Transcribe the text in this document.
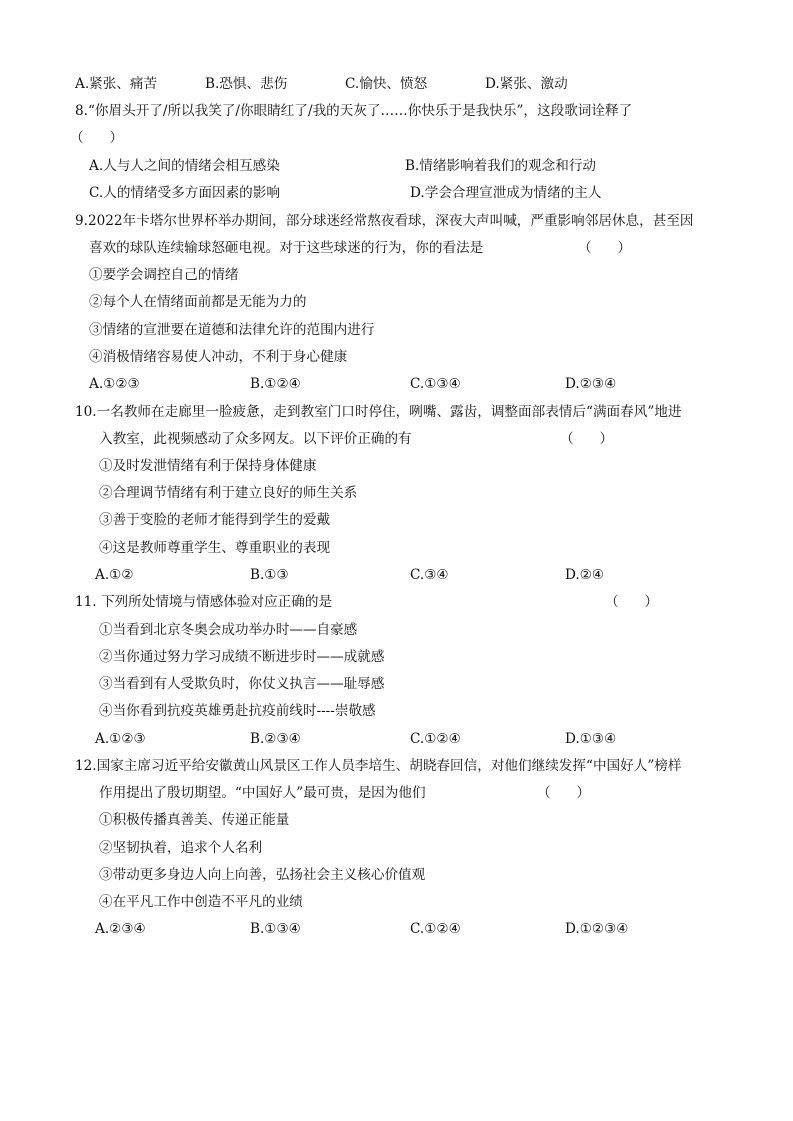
A.紧张、痛苦	B.恐惧、悲伤	C.愉快、愤怒	D.紧张、激动
8.“你眉头开了/所以我笑了/你眼睛红了/我的天灰了……你快乐于是我快乐”，这段歌词诠释了
（      ）
A.人与人之间的情绪会相互感染	B.情绪影响着我们的观念和行动
C.人的情绪受多方面因素的影响	D.学会合理宣泄成为情绪的主人
9.2022年卡塔尔世界杯举办期间，部分球迷经常熬夜看球，深夜大声叫喊，严重影响邻居休息，甚至因
喜欢的球队连续输球怒砸电视。对于这些球迷的行为，你的看法是	（      ）
①要学会调控自己的情绪
②每个人在情绪面前都是无能为力的
③情绪的宣泄要在道德和法律允许的范围内进行
④消极情绪容易使人冲动，不利于身心健康
A.①②③	B.①②④	C.①③④	D.②③④
10.一名教师在走廊里一脸疲惫，走到教室门口时停住，咧嘴、露齿，调整面部表情后“满面春风”地进
入教室，此视频感动了众多网友。以下评价正确的有	（      ）
①及时发泄情绪有利于保持身体健康
②合理调节情绪有利于建立良好的师生关系
③善于变脸的老师才能得到学生的爱戴
④这是教师尊重学生、尊重职业的表现
A.①②	B.①③	C.③④	D.②④
11. 下列所处情境与情感体验对应正确的是	（      ）
①当看到北京冬奥会成功举办时——自豪感
②当你通过努力学习成绩不断进步时——成就感
③当看到有人受欺负时，你仗义执言——耻辱感
④当你看到抗疫英雄勇赴抗疫前线时----崇敬感
A.①②③	B.②③④	C.①②④	D.①③④
12.国家主席习近平给安徽黄山风景区工作人员李培生、胡晓春回信，对他们继续发挥“中国好人”榜样
作用提出了殷切期望。“中国好人”最可贵，是因为他们	（      ）
①积极传播真善美、传递正能量
②坚韧执着，追求个人名利
③带动更多身边人向上向善，弘扬社会主义核心价值观
④在平凡工作中创造不平凡的业绩
A.②③④	B.①③④	C.①②④	D.①②③④
